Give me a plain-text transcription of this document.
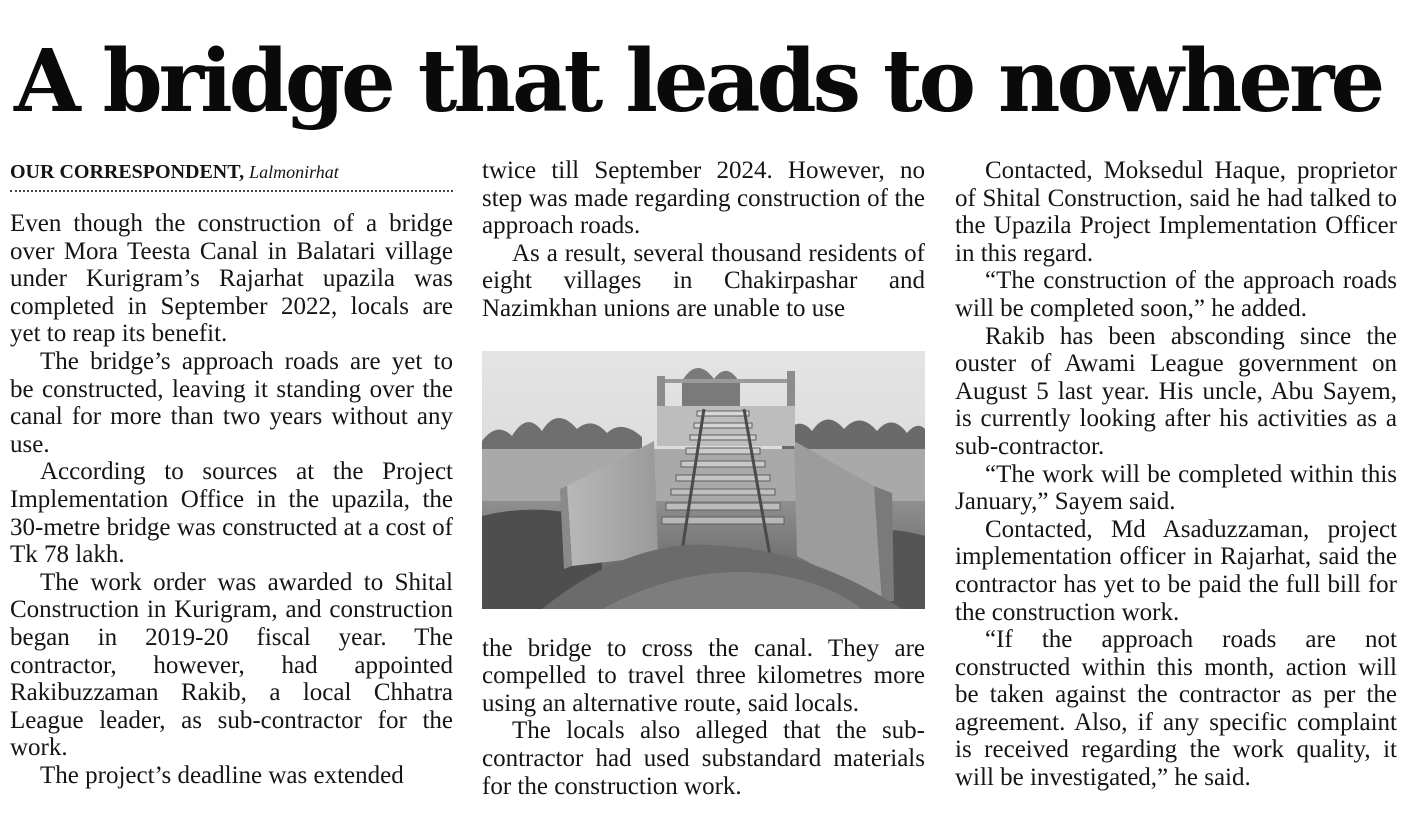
A bridge that leads to nowhere
OUR CORRESPONDENT, Lalmonirhat

Even though the construction of a bridge over Mora Teesta Canal in Balatari village under Kurigram’s Rajarhat upazila was completed in September 2022, locals are yet to reap its benefit.

The bridge’s approach roads are yet to be constructed, leaving it standing over the canal for more than two years without any use.

According to sources at the Project Implementation Office in the upazila, the 30-metre bridge was constructed at a cost of Tk 78 lakh.

The work order was awarded to Shital Construction in Kurigram, and construction began in 2019-20 fiscal year. The contractor, however, had appointed Rakibuzzaman Rakib, a local Chhatra League leader, as sub-contractor for the work.

The project’s deadline was extended

twice till September 2024. However, no step was made regarding construction of the approach roads.

As a result, several thousand residents of eight villages in Chakirpashar and Nazimkhan unions are unable to use

the bridge to cross the canal. They are compelled to travel three kilometres more using an alternative route, said locals.

The locals also alleged that the sub-contractor had used substandard materials for the construction work.

Contacted, Moksedul Haque, proprietor of Shital Construction, said he had talked to the Upazila Project Implementation Officer in this regard.

“The construction of the approach roads will be completed soon,” he added.

Rakib has been absconding since the ouster of Awami League government on August 5 last year. His uncle, Abu Sayem, is currently looking after his activities as a sub-contractor.

“The work will be completed within this January,” Sayem said.

Contacted, Md Asaduzzaman, project implementation officer in Rajarhat, said the contractor has yet to be paid the full bill for the construction work.

“If the approach roads are not constructed within this month, action will be taken against the contractor as per the agreement. Also, if any specific complaint is received regarding the work quality, it will be investigated,” he said.
